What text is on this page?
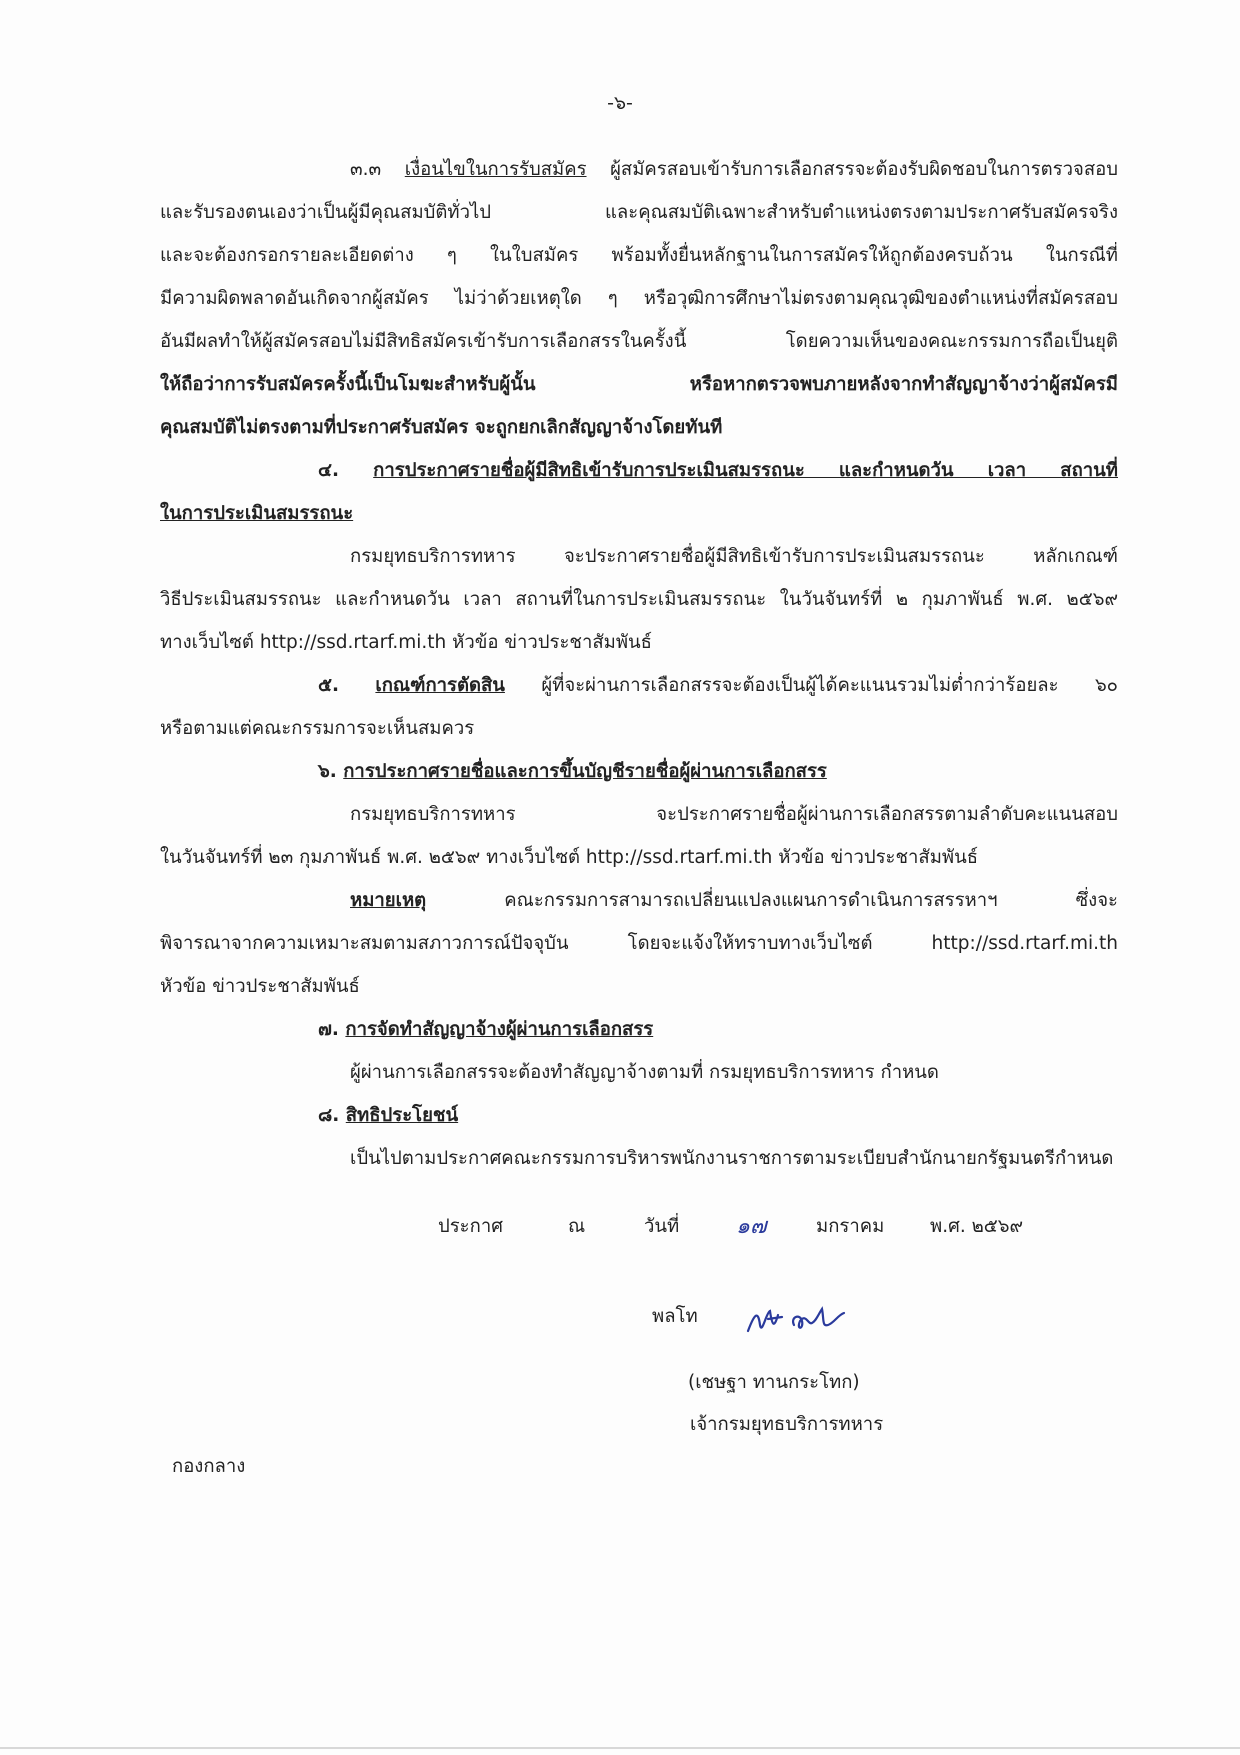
-๖-
๓.๓ เงื่อนไขในการรับสมัคร ผู้สมัครสอบเข้ารับการเลือกสรรจะต้องรับผิดชอบในการตรวจสอบ
และรับรองตนเองว่าเป็นผู้มีคุณสมบัติทั่วไป และคุณสมบัติเฉพาะสำหรับตำแหน่งตรงตามประกาศรับสมัครจริง
และจะต้องกรอกรายละเอียดต่าง ๆ ในใบสมัคร พร้อมทั้งยื่นหลักฐานในการสมัครให้ถูกต้องครบถ้วน ในกรณีที่
มีความผิดพลาดอันเกิดจากผู้สมัคร ไม่ว่าด้วยเหตุใด ๆ หรือวุฒิการศึกษาไม่ตรงตามคุณวุฒิของตำแหน่งที่สมัครสอบ
อันมีผลทำให้ผู้สมัครสอบไม่มีสิทธิสมัครเข้ารับการเลือกสรรในครั้งนี้ โดยความเห็นของคณะกรรมการถือเป็นยุติ
ให้ถือว่าการรับสมัครครั้งนี้เป็นโมฆะสำหรับผู้นั้น หรือหากตรวจพบภายหลังจากทำสัญญาจ้างว่าผู้สมัครมี
คุณสมบัติไม่ตรงตามที่ประกาศรับสมัคร จะถูกยกเลิกสัญญาจ้างโดยทันที
๔. การประกาศรายชื่อผู้มีสิทธิเข้ารับการประเมินสมรรถนะ และกำหนดวัน เวลา สถานที่
ในการประเมินสมรรถนะ
กรมยุทธบริการทหาร จะประกาศรายชื่อผู้มีสิทธิเข้ารับการประเมินสมรรถนะ หลักเกณฑ์
วิธีประเมินสมรรถนะ และกำหนดวัน เวลา สถานที่ในการประเมินสมรรถนะ ในวันจันทร์ที่ ๒ กุมภาพันธ์ พ.ศ. ๒๕๖๙
ทางเว็บไซต์ http://ssd.rtarf.mi.th หัวข้อ ข่าวประชาสัมพันธ์
๕. เกณฑ์การตัดสิน ผู้ที่จะผ่านการเลือกสรรจะต้องเป็นผู้ได้คะแนนรวมไม่ต่ำกว่าร้อยละ ๖๐
หรือตามแต่คณะกรรมการจะเห็นสมควร
๖. การประกาศรายชื่อและการขึ้นบัญชีรายชื่อผู้ผ่านการเลือกสรร
กรมยุทธบริการทหาร จะประกาศรายชื่อผู้ผ่านการเลือกสรรตามลำดับคะแนนสอบ
ในวันจันทร์ที่ ๒๓ กุมภาพันธ์ พ.ศ. ๒๕๖๙ ทางเว็บไซต์ http://ssd.rtarf.mi.th หัวข้อ ข่าวประชาสัมพันธ์
หมายเหตุ	คณะกรรมการสามารถเปลี่ยนแปลงแผนการดำเนินการสรรหาฯ ซึ่งจะ
พิจารณาจากความเหมาะสมตามสภาวการณ์ปัจจุบัน โดยจะแจ้งให้ทราบทางเว็บไซต์ http://ssd.rtarf.mi.th
หัวข้อ ข่าวประชาสัมพันธ์
๗. การจัดทำสัญญาจ้างผู้ผ่านการเลือกสรร
ผู้ผ่านการเลือกสรรจะต้องทำสัญญาจ้างตามที่ กรมยุทธบริการทหาร กำหนด
๘. สิทธิประโยชน์
เป็นไปตามประกาศคณะกรรมการบริหารพนักงานราชการตามระเบียบสำนักนายกรัฐมนตรีกำหนด
ประกาศ	ณ	วันที่	๑๗	มกราคม พ.ศ. ๒๕๖๙
พลโท
(เชษฐา ทานกระโทก)
เจ้ากรมยุทธบริการทหาร
กองกลาง
